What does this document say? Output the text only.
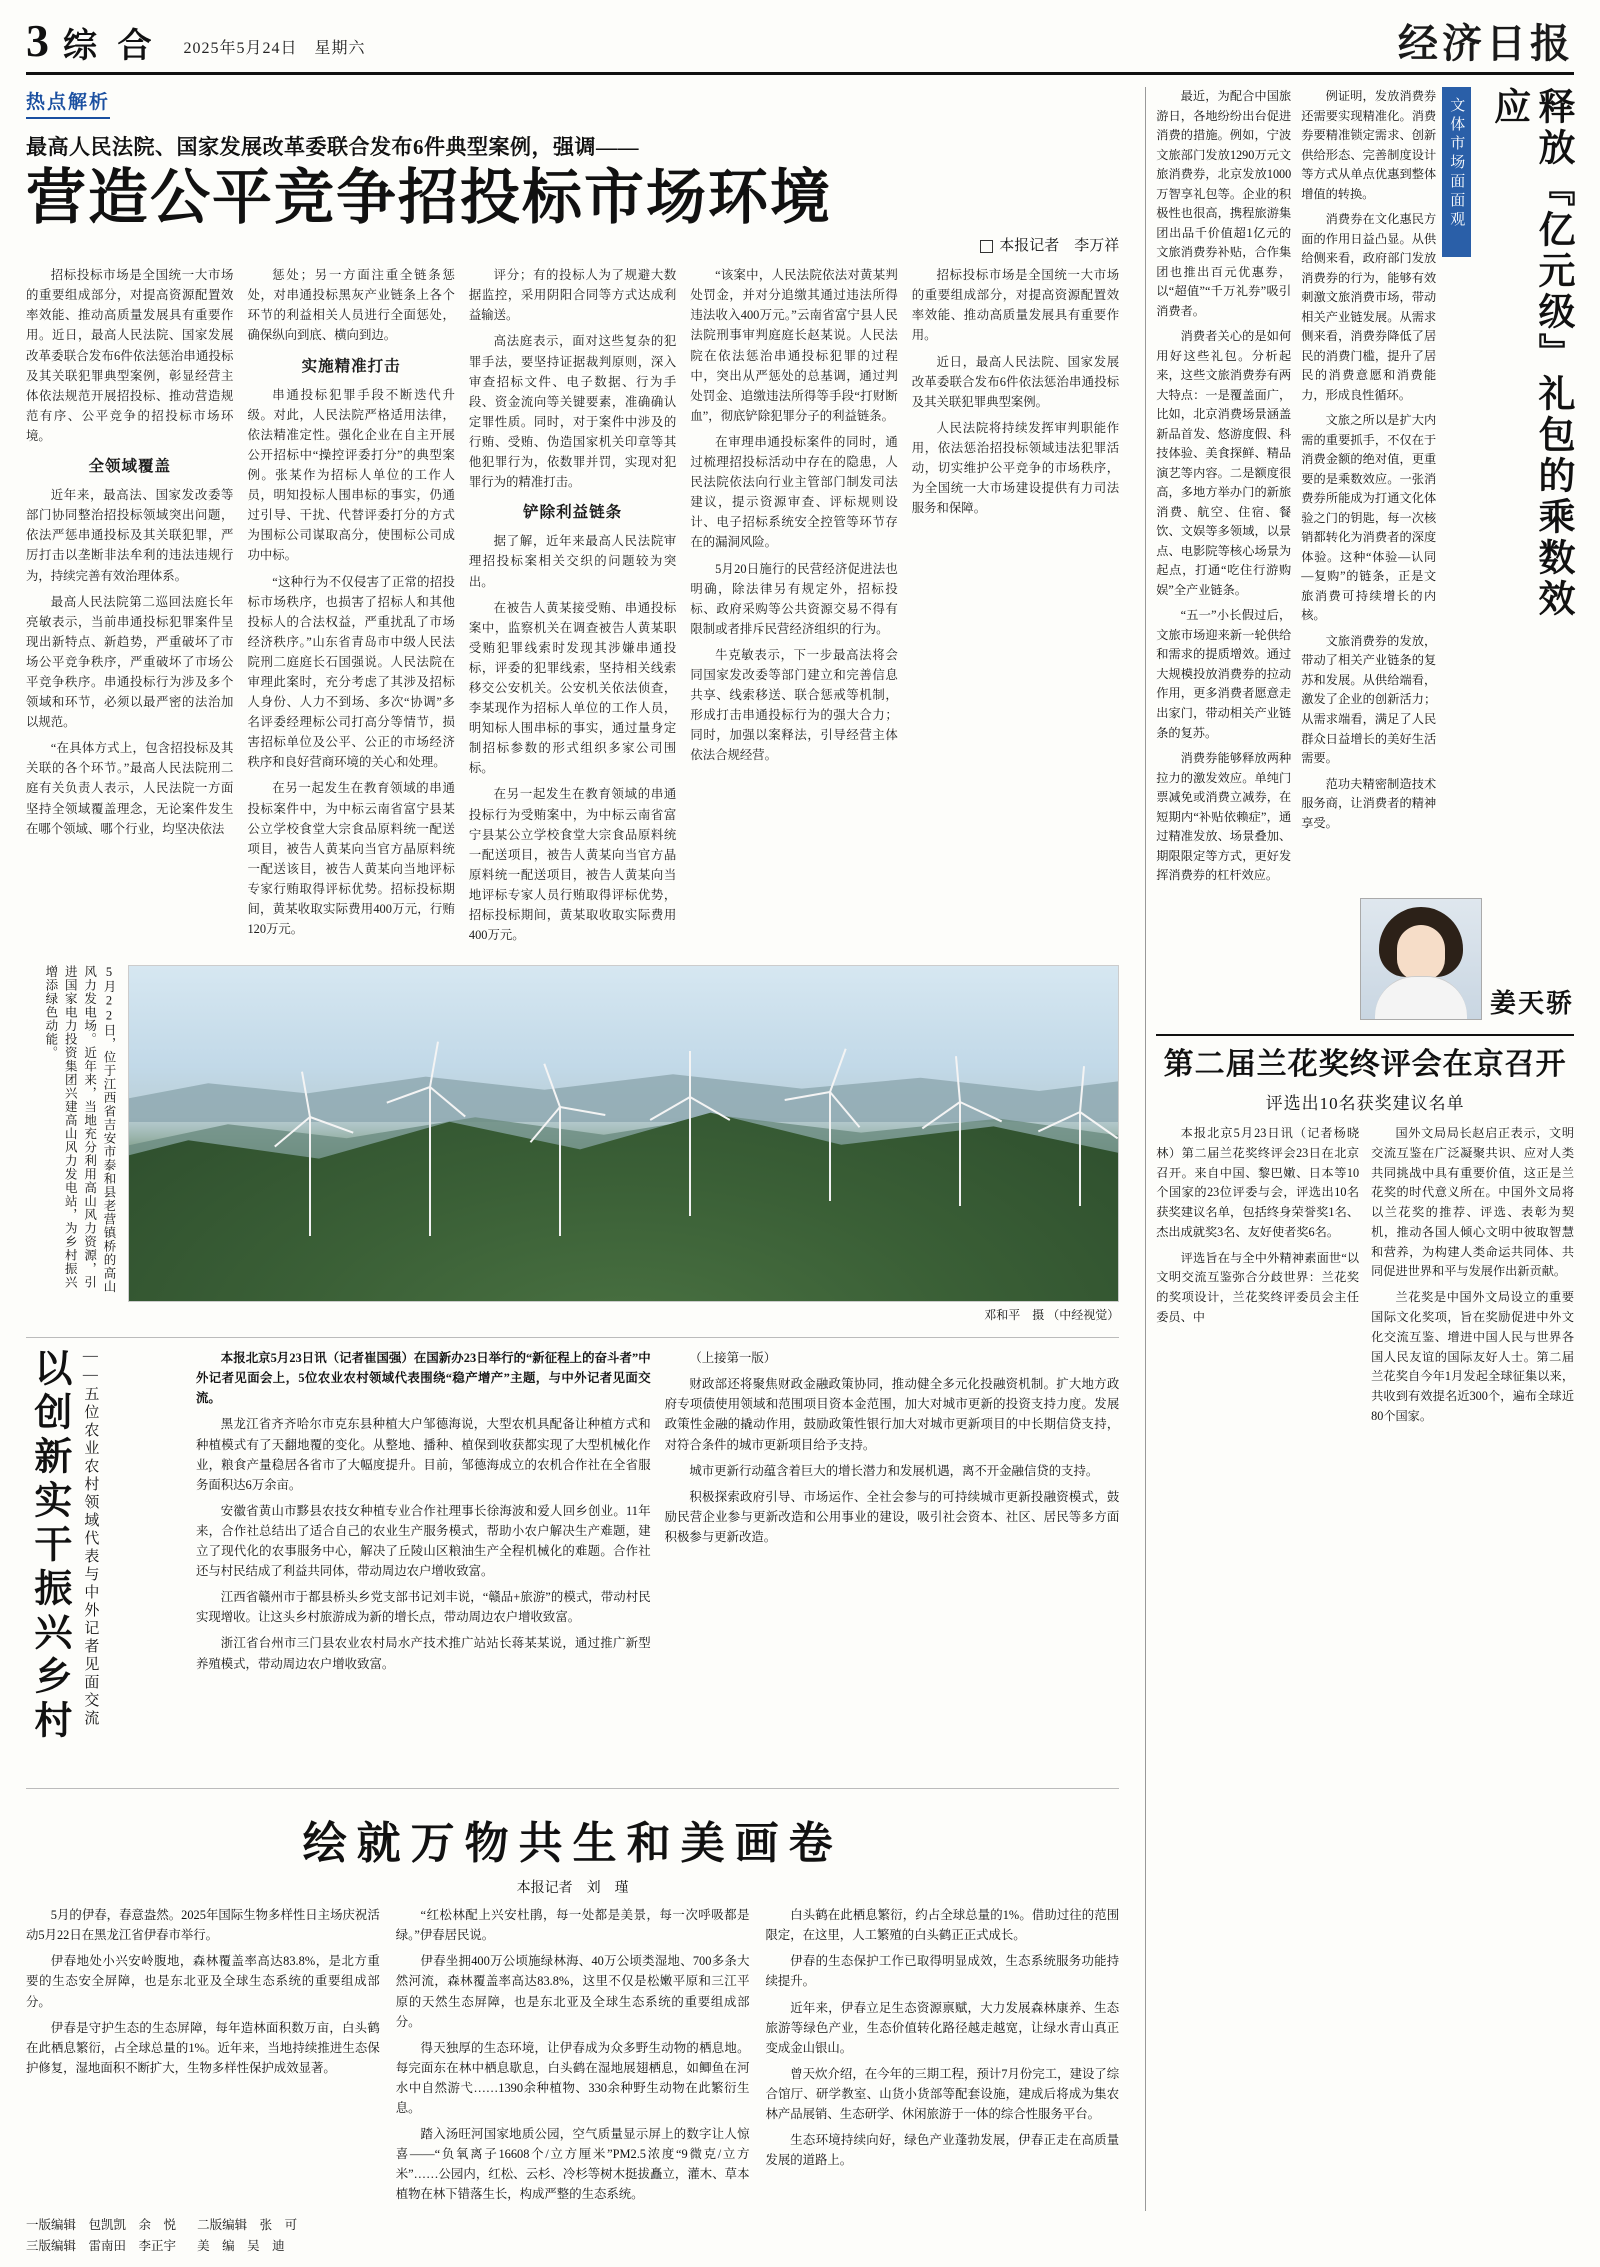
3 综 合 2025年5月24日　星期六	经济日报
热点解析
最高人民法院、国家发展改革委联合发布6件典型案例，强调——
营造公平竞争招投标市场环境
本报记者　李万祥

招标投标市场是全国统一大市场的重要组成部分，对提高资源配置效率效能、推动高质量发展具有重要作用。近日，最高人民法院、国家发展改革委联合发布6件依法惩治串通投标及其关联犯罪典型案例，彰显经营主体依法规范开展招投标、推动营造规范有序、公平竞争的招投标市场环境。

全领域覆盖

近年来，最高法、国家发改委等部门协同整治招投标领域突出问题，依法严惩串通投标及其关联犯罪，严厉打击以垄断非法牟利的违法违规行为，持续完善有效治理体系。

最高人民法院第二巡回法庭长年亮敏表示，当前串通投标犯罪案件呈现出新特点、新趋势，严重破坏了市场公平竞争秩序，严重破坏了市场公平竞争秩序。串通投标行为涉及多个领域和环节，必须以最严密的法治加以规范。

“在具体方式上，包含招投标及其关联的各个环节。”最高人民法院刑二庭有关负责人表示，人民法院一方面坚持全领域覆盖理念，无论案件发生在哪个领域、哪个行业，均坚决依法

惩处；另一方面注重全链条惩处，对串通投标黑灰产业链条上各个环节的利益相关人员进行全面惩处，确保纵向到底、横向到边。

实施精准打击

串通投标犯罪手段不断迭代升级。对此，人民法院严格适用法律，依法精准定性。强化企业在自主开展公开招标中“操控评委打分”的典型案例。张某作为招标人单位的工作人员，明知投标人围串标的事实，仍通过引导、干扰、代替评委打分的方式为围标公司谋取高分，使围标公司成功中标。

“这种行为不仅侵害了正常的招投标市场秩序，也损害了招标人和其他投标人的合法权益，严重扰乱了市场经济秩序。”山东省青岛市中级人民法院刑二庭庭长石国强说。人民法院在审理此案时，充分考虑了其涉及招标人身份、人力不到场、多次“协调”多名评委经理标公司打高分等情节，损害招标单位及公平、公正的市场经济秩序和良好营商环境的关心和处理。

在另一起发生在教育领域的串通投标案件中，为中标云南省富宁县某公立学校食堂大宗食品原料统一配送项目，被告人黄某向当官方晶原料统一配送该目，被告人黄某向当地评标专家行贿取得评标优势。招标投标期间，黄某收取实际费用400万元，行贿120万元。

评分；有的投标人为了规避大数据监控，采用阴阳合同等方式达成利益输送。

高法庭表示，面对这些复杂的犯罪手法，要坚持证据裁判原则，深入审查招标文件、电子数据、行为手段、资金流向等关键要素，准确确认定罪性质。同时，对于案件中涉及的行贿、受贿、伪造国家机关印章等其他犯罪行为，依数罪并罚，实现对犯罪行为的精准打击。

铲除利益链条

据了解，近年来最高人民法院审理招投标案相关交织的问题较为突出。

在被告人黄某接受贿、串通投标案中，监察机关在调查被告人黄某职受贿犯罪线索时发现其涉嫌串通投标，评委的犯罪线索，坚持相关线索移交公安机关。公安机关依法侦查，李某现作为招标人单位的工作人员，明知标人围串标的事实，通过量身定制招标参数的形式组织多家公司围标。

在另一起发生在教育领域的串通投标行为受贿案中，为中标云南省富宁县某公立学校食堂大宗食品原料统一配送项目，被告人黄某向当官方晶原料统一配送项目，被告人黄某向当地评标专家人员行贿取得评标优势，招标投标期间，黄某取收取实际费用400万元。

“该案中，人民法院依法对黄某判处罚金，并对分追缴其通过违法所得违法收入400万元。”云南省富宁县人民法院刑事审判庭庭长赵某说。人民法院在依法惩治串通投标犯罪的过程中，突出从严惩处的总基调，通过判处罚金、追缴违法所得等手段“打财断血”，彻底铲除犯罪分子的利益链条。

在审理串通投标案件的同时，通过梳理招投标活动中存在的隐患，人民法院依法向行业主管部门制发司法建议，提示资源审查、评标规则设计、电子招标系统安全控管等环节存在的漏洞风险。

5月20日施行的民营经济促进法也明确，除法律另有规定外，招标投标、政府采购等公共资源交易不得有限制或者排斥民营经济组织的行为。

牛克敏表示，下一步最高法将会同国家发改委等部门建立和完善信息共享、线索移送、联合惩戒等机制，形成打击串通投标行为的强大合力；同时，加强以案释法，引导经营主体依法合规经营。

招标投标市场是全国统一大市场的重要组成部分，对提高资源配置效率效能、推动高质量发展具有重要作用。

近日，最高人民法院、国家发展改革委联合发布6件依法惩治串通投标及其关联犯罪典型案例。

人民法院将持续发挥审判职能作用，依法惩治招投标领域违法犯罪活动，切实维护公平竞争的市场秩序，为全国统一大市场建设提供有力司法服务和保障。

5月22日，位于江西省吉安市泰和县老营镇桥的高山风力发电场。近年来，当地充分利用高山风力资源，引进国家电力投资集团兴建高山风力发电站，为乡村振兴增添绿色动能。
邓和平　摄 （中经视觉）
以创新实干振兴乡村 ——五位农业农村领域代表与中外记者见面交流	本报北京5月23日讯（记者崔国强）在国新办23日举行的“新征程上的奋斗者”中外记者见面会上，5位农业农村领域代表围绕“稳产增产”主题，与中外记者见面交流。

黑龙江省齐齐哈尔市克东县种植大户邹德海说，大型农机具配备让种植方式和种植模式有了天翻地覆的变化。从整地、播种、植保到收获都实现了大型机械化作业，粮食产量稳居各省市了大幅度提升。目前，邹德海成立的农机合作社在全省服务面积达6万余亩。

安徽省黄山市黟县农技女种植专业合作社理事长徐海波和爱人回乡创业。11年来，合作社总结出了适合自己的农业生产服务模式，帮助小农户解决生产难题，建立了现代化的农事服务中心，解决了丘陵山区粮油生产全程机械化的难题。合作社还与村民结成了利益共同体，带动周边农户增收致富。

江西省赣州市于都县桥头乡党支部书记刘丰说，“赣品+旅游”的模式，带动村民实现增收。让这头乡村旅游成为新的增长点，带动周边农户增收致富。

浙江省台州市三门县农业农村局水产技术推广站站长蒋某某说，通过推广新型养殖模式，带动周边农户增收致富。

（上接第一版）

财政部还将聚焦财政金融政策协同，推动健全多元化投融资机制。扩大地方政府专项债使用领域和范围项目资本金范围，加大对城市更新的投资支持力度。发展政策性金融的撬动作用，鼓励政策性银行加大对城市更新项目的中长期信贷支持，对符合条件的城市更新项目给予支持。

城市更新行动蕴含着巨大的增长潜力和发展机遇，离不开金融信贷的支持。

积极探索政府引导、市场运作、全社会参与的可持续城市更新投融资模式，鼓励民营企业参与更新改造和公用事业的建设，吸引社会资本、社区、居民等多方面积极参与更新改造。

绘就万物共生和美画卷
本报记者　刘　瑾

5月的伊春，春意盎然。2025年国际生物多样性日主场庆祝活动5月22日在黑龙江省伊春市举行。

伊春地处小兴安岭腹地，森林覆盖率高达83.8%，是北方重要的生态安全屏障，也是东北亚及全球生态系统的重要组成部分。

伊春是守护生态的生态屏障，每年造林面积数万亩，白头鹤在此栖息繁衍，占全球总量的1%。近年来，当地持续推进生态保护修复，湿地面积不断扩大，生物多样性保护成效显著。

“红松林配上兴安杜鹃，每一处都是美景，每一次呼吸都是绿。”伊春居民说。

伊春坐拥400万公顷施绿林海、40万公顷类湿地、700多条大然河流，森林覆盖率高达83.8%，这里不仅是松嫩平原和三江平原的天然生态屏障，也是东北亚及全球生态系统的重要组成部分。

得天独厚的生态环境，让伊春成为众多野生动物的栖息地。每完面东在林中栖息歇息，白头鹤在湿地展翅栖息，如鲫鱼在河水中自然游弋……1390余种植物、330余种野生动物在此繁衍生息。

踏入汤旺河国家地质公园，空气质量显示屏上的数字让人惊喜——“负氧离子16608个/立方厘米”PM2.5浓度“9微克/立方米”……公园内，红松、云杉、冷杉等树木挺拔矗立，灌木、草本植物在林下错落生长，构成严整的生态系统。

白头鹤在此栖息繁衍，约占全球总量的1%。借助过往的范围限定，在这里，人工繁殖的白头鹤正正式成长。

伊春的生态保护工作已取得明显成效，生态系统服务功能持续提升。

近年来，伊春立足生态资源禀赋，大力发展森林康养、生态旅游等绿色产业，生态价值转化路径越走越宽，让绿水青山真正变成金山银山。

曾天炊介绍，在今年的三期工程，预计7月份完工，建设了综合馆厅、研学教室、山货小货部等配套设施，建成后将成为集农林产品展销、生态研学、休闲旅游于一体的综合性服务平台。

生态环境持续向好，绿色产业蓬勃发展，伊春正走在高质量发展的道路上。

最近，为配合中国旅游日，各地纷纷出台促进消费的措施。例如，宁波文旅部门发放1290万元文旅消费券，北京发放1000万智享礼包等。企业的积极性也很高，携程旅游集团出品千价值超1亿元的文旅消费券补贴，合作集团也推出百元优惠券，以“超值”“千万礼券”吸引消费者。

消费者关心的是如何用好这些礼包。分析起来，这些文旅消费券有两大特点：一是覆盖面广，比如，北京消费场景涵盖新品首发、悠游度假、科技体验、美食探鲜、精品演艺等内容。二是额度很高，多地方举办门的新旅消费、航空、住宿、餐饮、文娱等多领域，以景点、电影院等核心场景为起点，打通“吃住行游购娱”全产业链条。

“五一”小长假过后，文旅市场迎来新一轮供给和需求的提质增效。通过大规模投放消费券的拉动作用，更多消费者愿意走出家门，带动相关产业链条的复苏。

消费券能够释放两种拉力的激发效应。单纯门票减免或消费立减券，在短期内“补贴依赖症”，通过精准发放、场景叠加、期限限定等方式，更好发挥消费券的杠杆效应。

例证明，发放消费券还需要实现精准化。消费券要精准锁定需求、创新供给形态、完善制度设计等方式从单点优惠到整体增值的转换。

消费券在文化惠民方面的作用日益凸显。从供给侧来看，政府部门发放消费券的行为，能够有效刺激文旅消费市场，带动相关产业链发展。从需求侧来看，消费券降低了居民的消费门槛，提升了居民的消费意愿和消费能力，形成良性循环。

文旅之所以是扩大内需的重要抓手，不仅在于消费金额的绝对值，更重要的是乘数效应。一张消费券所能成为打通文化体验之门的钥匙，每一次核销都转化为消费者的深度体验。这种“体验—认同—复购”的链条，正是文旅消费可持续增长的内核。

文旅消费券的发放，带动了相关产业链条的复苏和发展。从供给端看，激发了企业的创新活力；从需求端看，满足了人民群众日益增长的美好生活需要。

范功夫精密制造技术服务商，让消费者的精神享受。

文体市场面面观	释放『亿元级』礼包的乘数效应
姜天骄
第二届兰花奖终评会在京召开
评选出10名获奖建议名单

本报北京5月23日讯（记者杨晓林）第二届兰花奖终评会23日在北京召开。来自中国、黎巴嫩、日本等10个国家的23位评委与会，评选出10名获奖建议名单，包括终身荣誉奖1名、杰出成就奖3名、友好使者奖6名。

评选旨在与全中外精神素面世“以文明交流互鉴弥合分歧世界：兰花奖的奖项设计，兰花奖终评委员会主任委员、中

国外文局局长赵启正表示，文明交流互鉴在广泛凝聚共识、应对人类共同挑战中具有重要价值，这正是兰花奖的时代意义所在。中国外文局将以兰花奖的推荐、评选、表彰为契机，推动各国人倾心文明中彼取智慧和营养，为构建人类命运共同体、共同促进世界和平与发展作出新贡献。

兰花奖是中国外文局设立的重要国际文化奖项，旨在奖励促进中外文化交流互鉴、增进中国人民与世界各国人民友谊的国际友好人士。第二届兰花奖自今年1月发起全球征集以来，共收到有效提名近300个，遍布全球近80个国家。

一版编辑　包凯凯　余　悦 二版编辑　张　可
三版编辑　雷南田　李正宇 美　编　吴　迪
